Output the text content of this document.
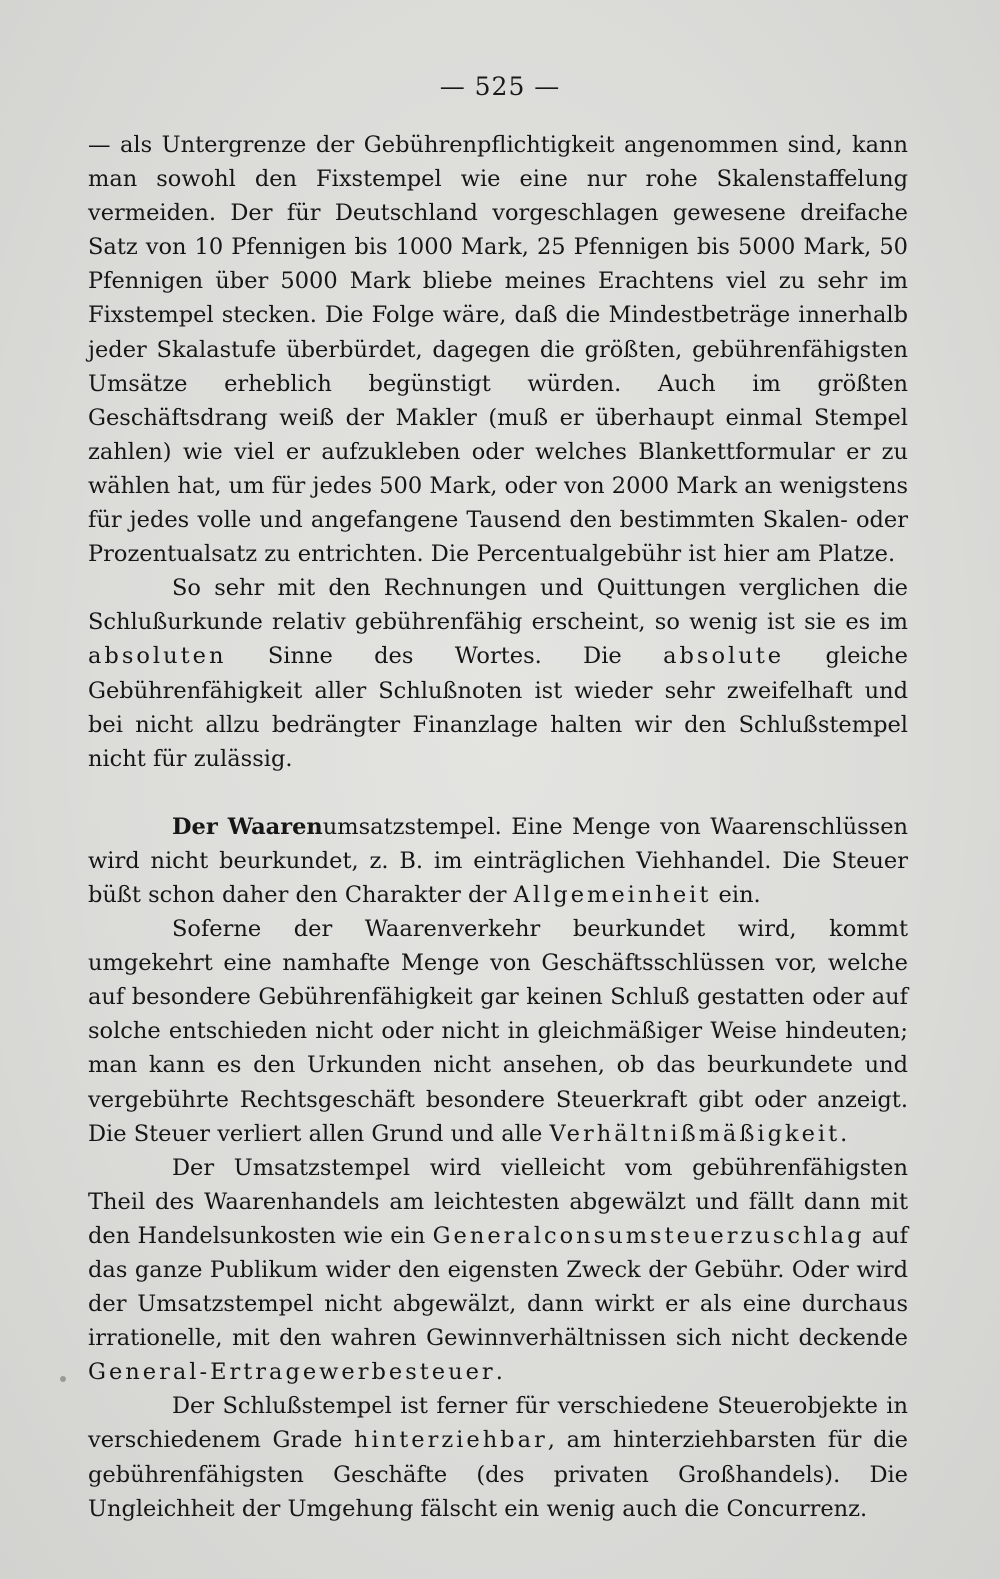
— 525 —

— als Untergrenze der Gebührenpflichtigkeit angenommen sind, kann man sowohl den Fixstempel wie eine nur rohe Skalenstaffelung vermeiden. Der für Deutschland vorgeschlagen gewesene dreifache Satz von 10 Pfennigen bis 1000 Mark, 25 Pfennigen bis 5000 Mark, 50 Pfennigen über 5000 Mark bliebe meines Erachtens viel zu sehr im Fixstempel stecken. Die Folge wäre, daß die Mindestbeträge innerhalb jeder Skalastufe überbürdet, dagegen die größten, gebührenfähigsten Umsätze erheblich begünstigt würden. Auch im größten Geschäftsdrang weiß der Makler (muß er überhaupt einmal Stempel zahlen) wie viel er aufzukleben oder welches Blankettformular er zu wählen hat, um für jedes 500 Mark, oder von 2000 Mark an wenigstens für jedes volle und angefangene Tausend den bestimmten Skalen- oder Prozentualsatz zu entrichten. Die Percentualgebühr ist hier am Platze.

So sehr mit den Rechnungen und Quittungen verglichen die Schlußurkunde relativ gebührenfähig erscheint, so wenig ist sie es im absoluten Sinne des Wortes. Die absolute gleiche Gebührenfähigkeit aller Schlußnoten ist wieder sehr zweifelhaft und bei nicht allzu bedrängter Finanzlage halten wir den Schlußstempel nicht für zulässig.

Der Waarenumsatzstempel. Eine Menge von Waarenschlüssen wird nicht beurkundet, z. B. im einträglichen Viehhandel. Die Steuer büßt schon daher den Charakter der Allgemeinheit ein.

Soferne der Waarenverkehr beurkundet wird, kommt umgekehrt eine namhafte Menge von Geschäftsschlüssen vor, welche auf besondere Gebührenfähigkeit gar keinen Schluß gestatten oder auf solche entschieden nicht oder nicht in gleichmäßiger Weise hindeuten; man kann es den Urkunden nicht ansehen, ob das beurkundete und vergebührte Rechtsgeschäft besondere Steuerkraft gibt oder anzeigt. Die Steuer verliert allen Grund und alle Verhältnißmäßigkeit.

Der Umsatzstempel wird vielleicht vom gebührenfähigsten Theil des Waarenhandels am leichtesten abgewälzt und fällt dann mit den Handelsunkosten wie ein Generalconsumsteuerzuschlag auf das ganze Publikum wider den eigensten Zweck der Gebühr. Oder wird der Umsatzstempel nicht abgewälzt, dann wirkt er als eine durchaus irrationelle, mit den wahren Gewinnverhältnissen sich nicht deckende General-Ertragewerbesteuer.

Der Schlußstempel ist ferner für verschiedene Steuerobjekte in verschiedenem Grade hinterziehbar, am hinterziehbarsten für die gebührenfähigsten Geschäfte (des privaten Großhandels). Die Ungleichheit der Umgehung fälscht ein wenig auch die Concurrenz.
